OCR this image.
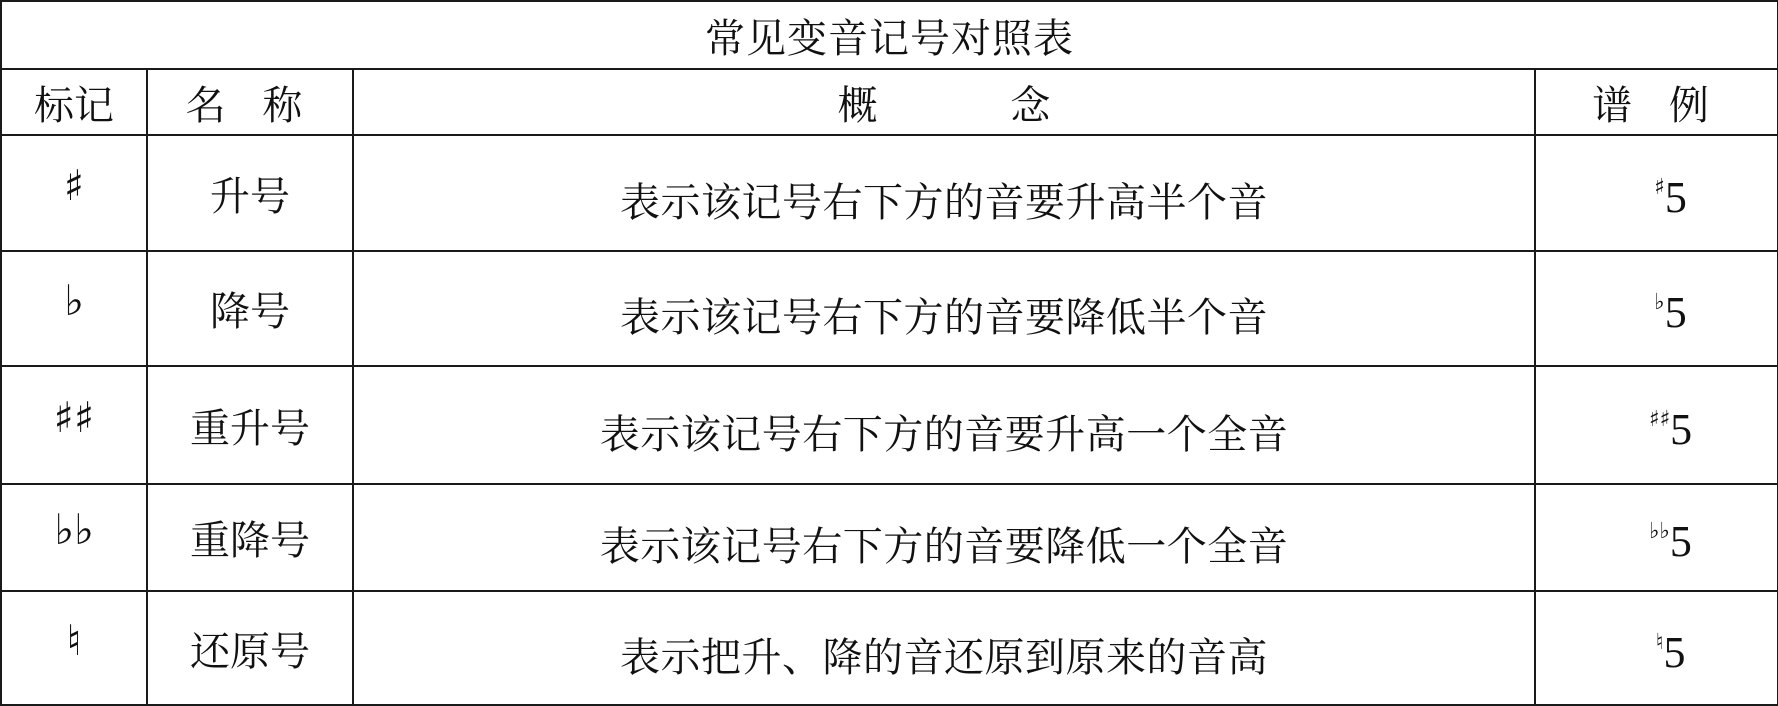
常见变音记号对照表			
标记	名 称	概 念	谱 例
♯	升号	表示该记号右下方的音要升高半个音	♯5
♭	降号	表示该记号右下方的音要降低半个音	♭5
♯♯	重升号	表示该记号右下方的音要升高一个全音	♯♯5
♭♭	重降号	表示该记号右下方的音要降低一个全音	♭♭5
♮	还原号	表示把升、降的音还原到原来的音高	♮5
